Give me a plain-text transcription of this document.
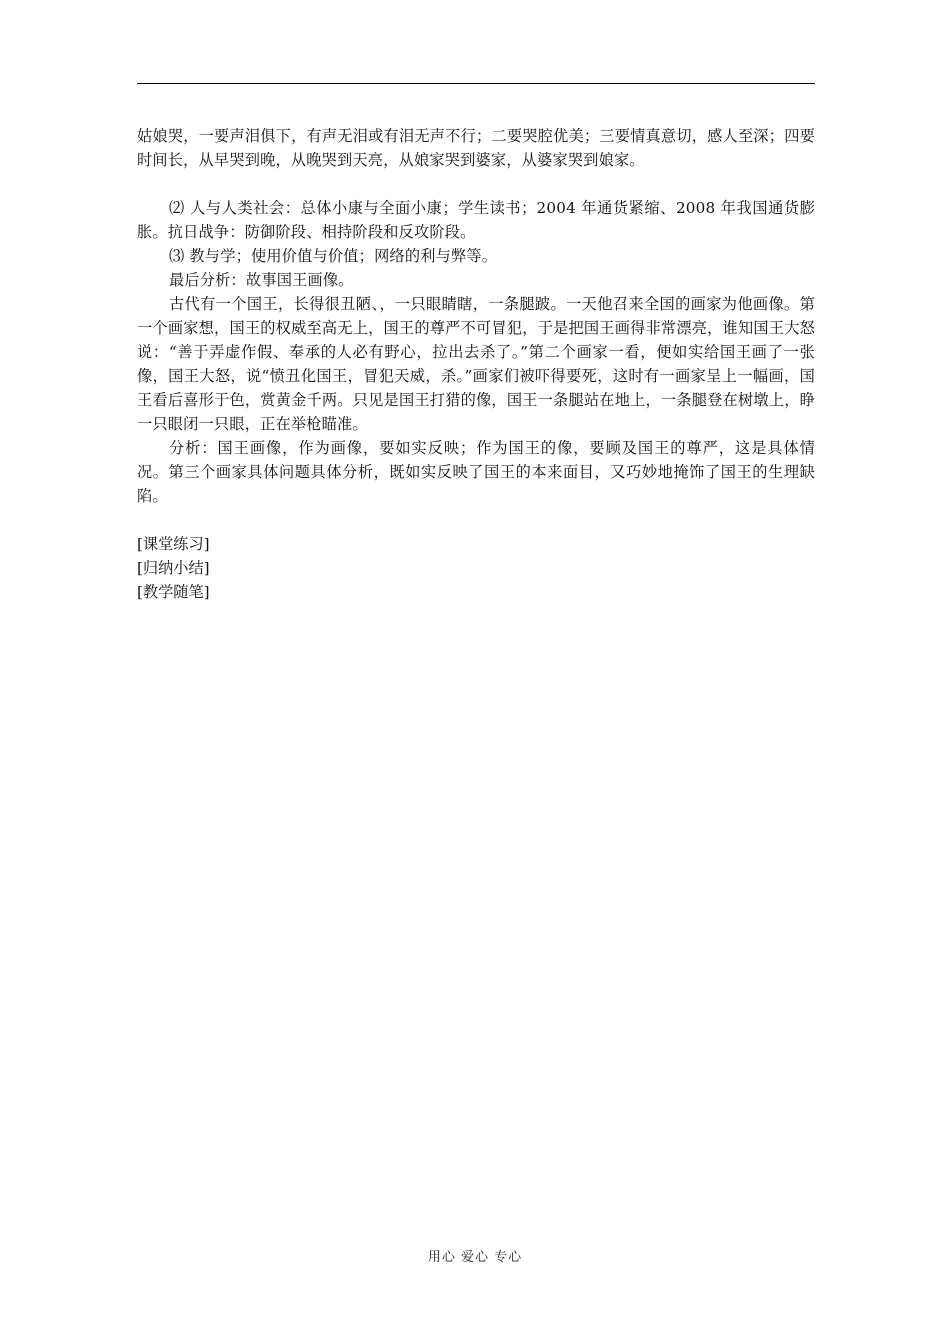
姑娘哭，一要声泪俱下，有声无泪或有泪无声不行；二要哭腔优美；三要情真意切，感人至深；四要时间长，从早哭到晚，从晚哭到天亮，从娘家哭到婆家，从婆家哭到娘家。

⑵ 人与人类社会：总体小康与全面小康；学生读书；2004 年通货紧缩、2008 年我国通货膨胀。抗日战争：防御阶段、相持阶段和反攻阶段。

⑶ 教与学；使用价值与价值；网络的利与弊等。

最后分析：故事国王画像。

古代有一个国王，长得很丑陋、，一只眼睛瞎，一条腿跛。一天他召来全国的画家为他画像。第一个画家想，国王的权威至高无上，国王的尊严不可冒犯，于是把国王画得非常漂亮，谁知国王大怒说：“善于弄虚作假、奉承的人必有野心，拉出去杀了。”第二个画家一看，便如实给国王画了一张像，国王大怒，说“愤丑化国王，冒犯天威，杀。”画家们被吓得要死，这时有一画家呈上一幅画，国王看后喜形于色，赏黄金千两。只见是国王打猎的像，国王一条腿站在地上，一条腿登在树墩上，睁一只眼闭一只眼，正在举枪瞄准。

分析：国王画像，作为画像，要如实反映；作为国王的像，要顾及国王的尊严，这是具体情况。第三个画家具体问题具体分析，既如实反映了国王的本来面目，又巧妙地掩饰了国王的生理缺陷。

[课堂练习]

[归纳小结]

[教学随笔]

用心 爱心 专心
